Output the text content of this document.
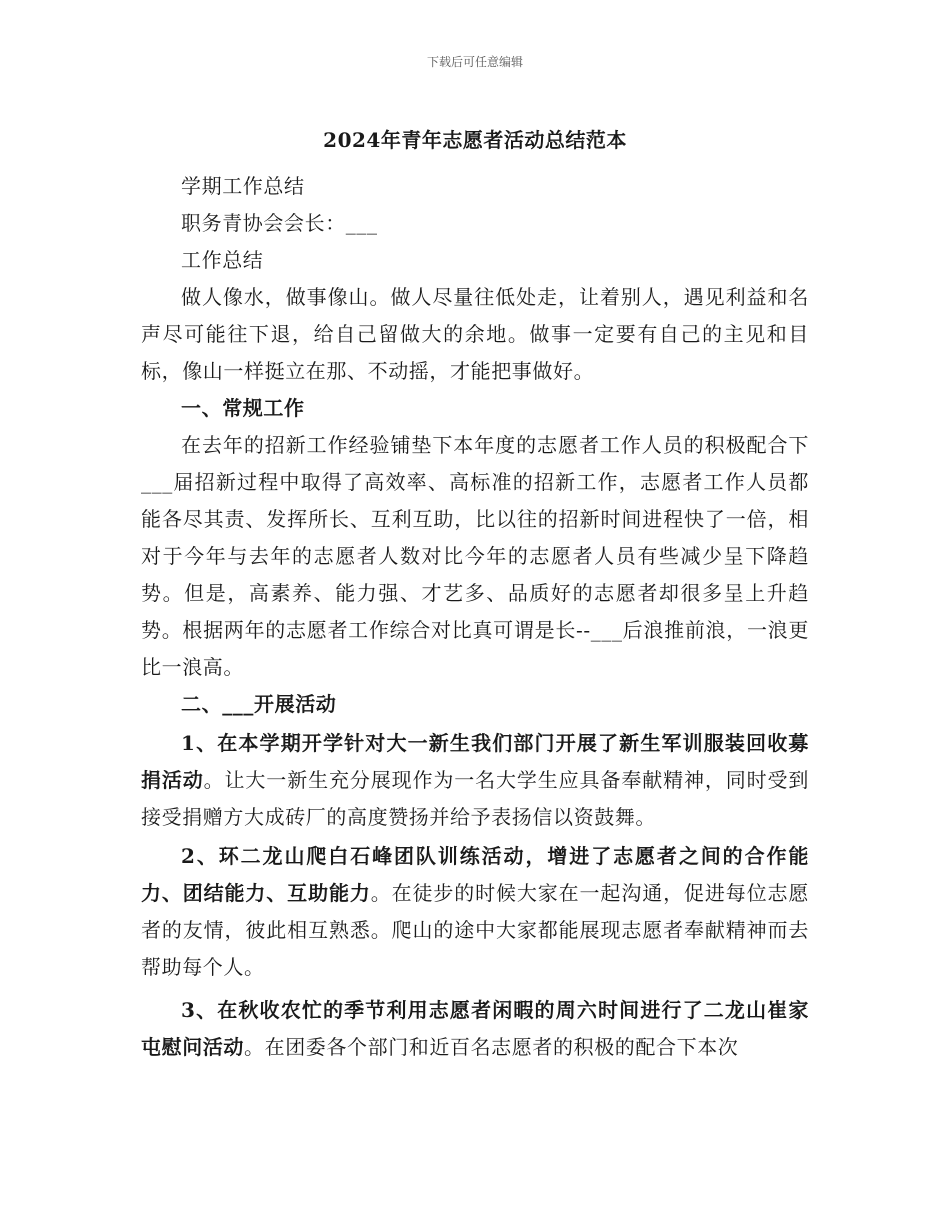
下载后可任意编辑
2024年青年志愿者活动总结范本

学期工作总结

职务青协会会长：___

工作总结

做人像水，做事像山。做人尽量往低处走，让着别人，遇见利益和名声尽可能往下退，给自己留做大的余地。做事一定要有自己的主见和目标，像山一样挺立在那、不动摇，才能把事做好。

一、常规工作

在去年的招新工作经验铺垫下本年度的志愿者工作人员的积极配合下___届招新过程中取得了高效率、高标准的招新工作，志愿者工作人员都能各尽其责、发挥所长、互利互助，比以往的招新时间进程快了一倍，相对于今年与去年的志愿者人数对比今年的志愿者人员有些减少呈下降趋势。但是，高素养、能力强、才艺多、品质好的志愿者却很多呈上升趋势。根据两年的志愿者工作综合对比真可谓是长--___后浪推前浪，一浪更比一浪高。

二、___开展活动

1、在本学期开学针对大一新生我们部门开展了新生军训服装回收募捐活动。让大一新生充分展现作为一名大学生应具备奉献精神，同时受到接受捐赠方大成砖厂的高度赞扬并给予表扬信以资鼓舞。

2、环二龙山爬白石峰团队训练活动，增进了志愿者之间的合作能力、团结能力、互助能力。在徒步的时候大家在一起沟通，促进每位志愿者的友情，彼此相互熟悉。爬山的途中大家都能展现志愿者奉献精神而去帮助每个人。

3、在秋收农忙的季节利用志愿者闲暇的周六时间进行了二龙山崔家屯慰问活动。在团委各个部门和近百名志愿者的积极的配合下本次
